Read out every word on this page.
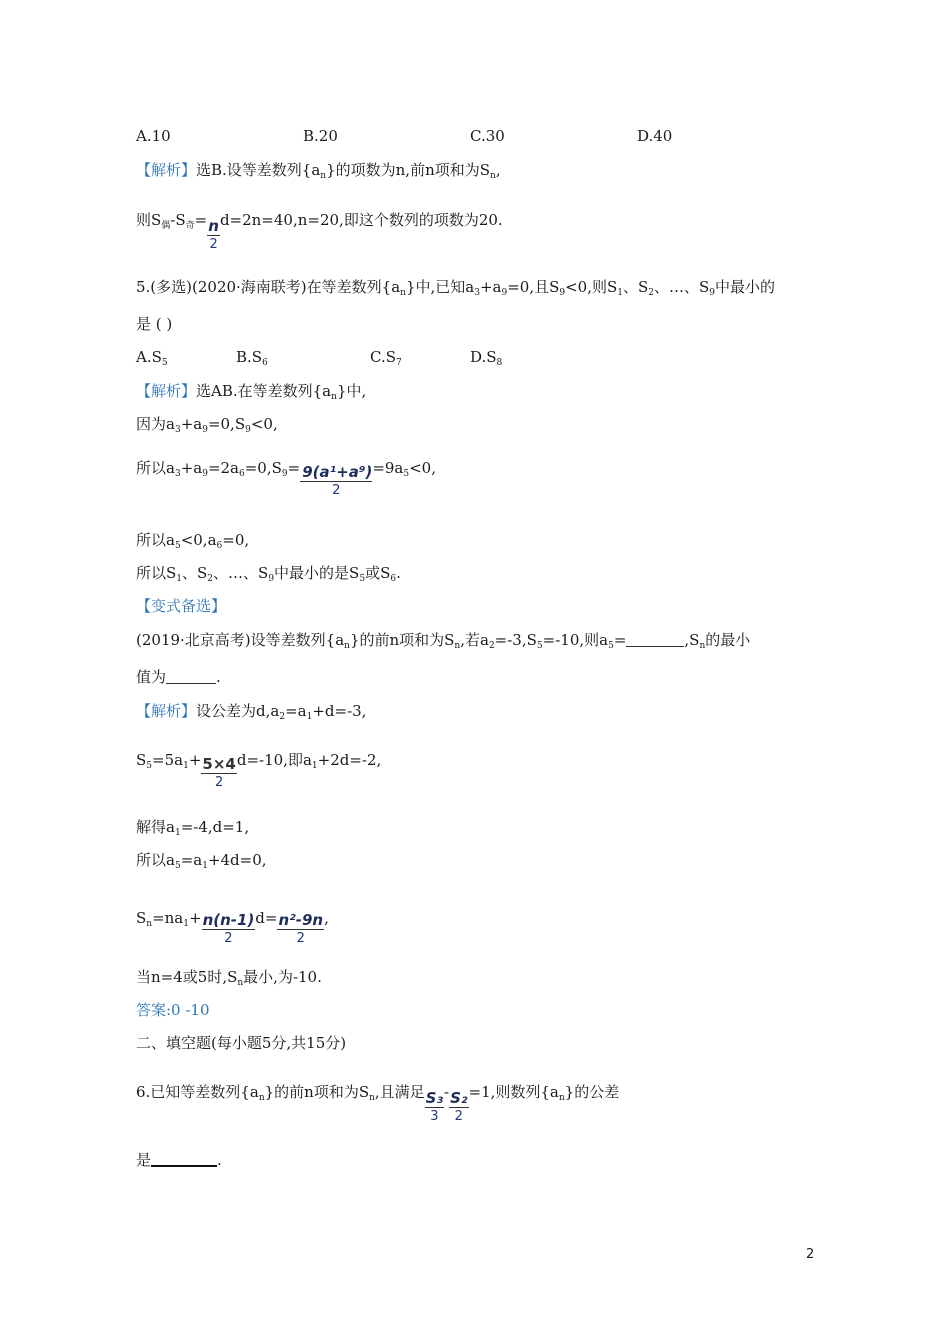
A.10	B.20	C.30	D.40
【解析】选B.设等差数列$\{a_n\}$的项数为n,前n项和为$S_n$,
则$S_偶-S_奇= \frac{n}{2} d=2n=40,n=20$,即这个数列的项数为20.
5.(多选)(2020·海南联考)在等差数列$\{a_n\}$中,已知$a_3+a_9=0$,且$S_9<0$,则$S_1$、$S_2$、…、$S_9$中最小的
是 ( )
$A.S_5$	$B.S_6$	$C.S_7$	$D.S_8$
【解析】选AB.在等差数列$\{a_n\}$中,
因为$a_3+a_9=0,S_9<0$,
所以$a_3+a_9=2a_6=0,S_9= \frac{\text{9(a¹+a⁹)}}{2} =9a_5<0$,
所以$a_5<0,a_6=0$,
所以$S_1$、$S_2$、…、$S_9$中最小的是$S_5$或$S_6$.
【变式备选】
(2019·北京高考)设等差数列$\{a_n\}$的前n项和为$S_n$,若$a_2=-3,S_5=-10$,则$a_5=$	$,S_n$的最小
值为	.
【解析】设公差为$d,a_2=a_1+d=-3$,
$S_5=5a_1+ \frac{5\times 4}{2} d=-10$,即$a_1+2d=-2$,
解得$a_1=-4,d=1$,
所以$a_5=a_1+4d=0$,
$S_n=na_1+ \frac{n(n-1)}{2} d= \frac{\text{n²-9n}}{2}$ ,
当n=4或5时$,S_n$最小,为-10.
答案:0 -10
二、填空题(每小题5分,共15分)
6.已知等差数列$\{a_n\}$的前n项和为$S_n$,且满足 $\frac{\text{S₃}}{3} - \frac{\text{S₂}}{2} =1$,则数列$\{a_n\}$的公差
是	.
2
